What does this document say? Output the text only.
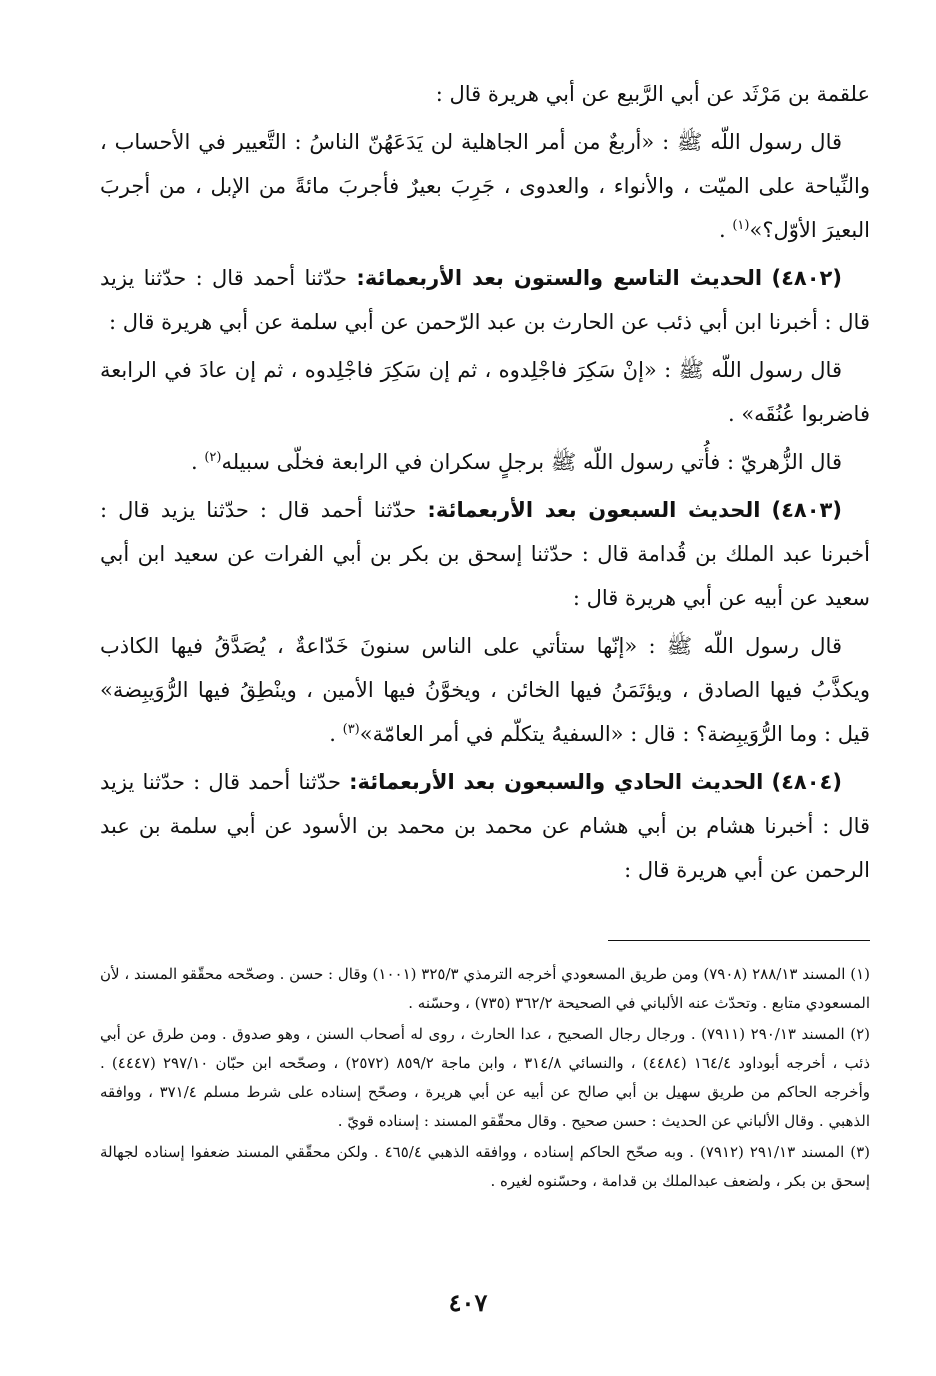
علقمة بن مَرْثَد عن أبي الرَّبيع عن أبي هريرة قال :

قال رسول اللّه ﷺ : «أربعٌ من أمر الجاهلية لن يَدَعَهُنّ الناسُ : التَّعيير في الأحساب ، والنِّياحة على الميّت ، والأنواء ، والعدوى ، جَرِبَ بعيرٌ فأجربَ مائةً من الإبل ، من أجربَ البعيرَ الأوّل؟»$^{(١)}$ .

(٤٨٠٢) الحديث التاسع والستون بعد الأربعمائة: حدّثنا أحمد قال : حدّثنا يزيد قال : أخبرنا ابن أبي ذئب عن الحارث بن عبد الرّحمن عن أبي سلمة عن أبي هريرة قال :

قال رسول اللّه ﷺ : «إنْ سَكِرَ فاجْلِدوه ، ثم إن سَكِرَ فاجْلِدوه ، ثم إن عادَ في الرابعة فاضربوا عُنُقَه» .

قال الزُّهريّ : فأُتي رسول اللّه ﷺ برجلٍ سكران في الرابعة فخلّى سبيله$^{(٢)}$ .

(٤٨٠٣) الحديث السبعون بعد الأربعمائة: حدّثنا أحمد قال : حدّثنا يزيد قال : أخبرنا عبد الملك بن قُدامة قال : حدّثنا إسحق بن بكر بن أبي الفرات عن سعيد ابن أبي سعيد عن أبيه عن أبي هريرة قال :

قال رسول اللّه ﷺ : «إنّها ستأتي على الناس سنونَ خَدّاعةٌ ، يُصَدَّقُ فيها الكاذب ويكذَّبُ فيها الصادق ، ويؤتَمَنُ فيها الخائن ، ويخوَّنُ فيها الأمين ، وينْطِقُ فيها الرُّوَيبِضة» قيل : وما الرُّوَيبِضة؟ : قال : «السفيهُ يتكلّم في أمر العامّة»$^{(٣)}$ .

(٤٨٠٤) الحديث الحادي والسبعون بعد الأربعمائة: حدّثنا أحمد قال : حدّثنا يزيد قال : أخبرنا هشام بن أبي هشام عن محمد بن محمد بن الأسود عن أبي سلمة بن عبد الرحمن عن أبي هريرة قال :

(١) المسند ٢٨٨/١٣ (٧٩٠٨) ومن طريق المسعودي أخرجه الترمذي ٣٢٥/٣ (١٠٠١) وقال : حسن . وصحّحه محقّقو المسند ، لأن المسعودي متابع . وتحدّث عنه الألباني في الصحيحة ٣٦٢/٢ (٧٣٥) ، وحسّنه .

(٢) المسند ٢٩٠/١٣ (٧٩١١) . ورجال رجال الصحيح ، عدا الحارث ، روى له أصحاب السنن ، وهو صدوق . ومن طرق عن أبي ذئب ، أخرجه أبوداود ١٦٤/٤ (٤٤٨٤) ، والنسائي ٣١٤/٨ ، وابن ماجة ٨٥٩/٢ (٢٥٧٢) ، وصحّحه ابن حبّان ٢٩٧/١٠ (٤٤٤٧) . وأخرجه الحاكم من طريق سهيل بن أبي صالح عن أبيه عن أبي هريرة ، وصحّح إسناده على شرط مسلم ٣٧١/٤ ، ووافقه الذهبي . وقال الألباني عن الحديث : حسن صحيح . وقال محقّقو المسند : إسناده قويّ .

(٣) المسند ٢٩١/١٣ (٧٩١٢) . وبه صحّح الحاكم إسناده ، ووافقه الذهبي ٤٦٥/٤ . ولكن محقّقي المسند ضعفوا إسناده لجهالة إسحق بن بكر ، ولضعف عبدالملك بن قدامة ، وحسّنوه لغيره .

٤٠٧
